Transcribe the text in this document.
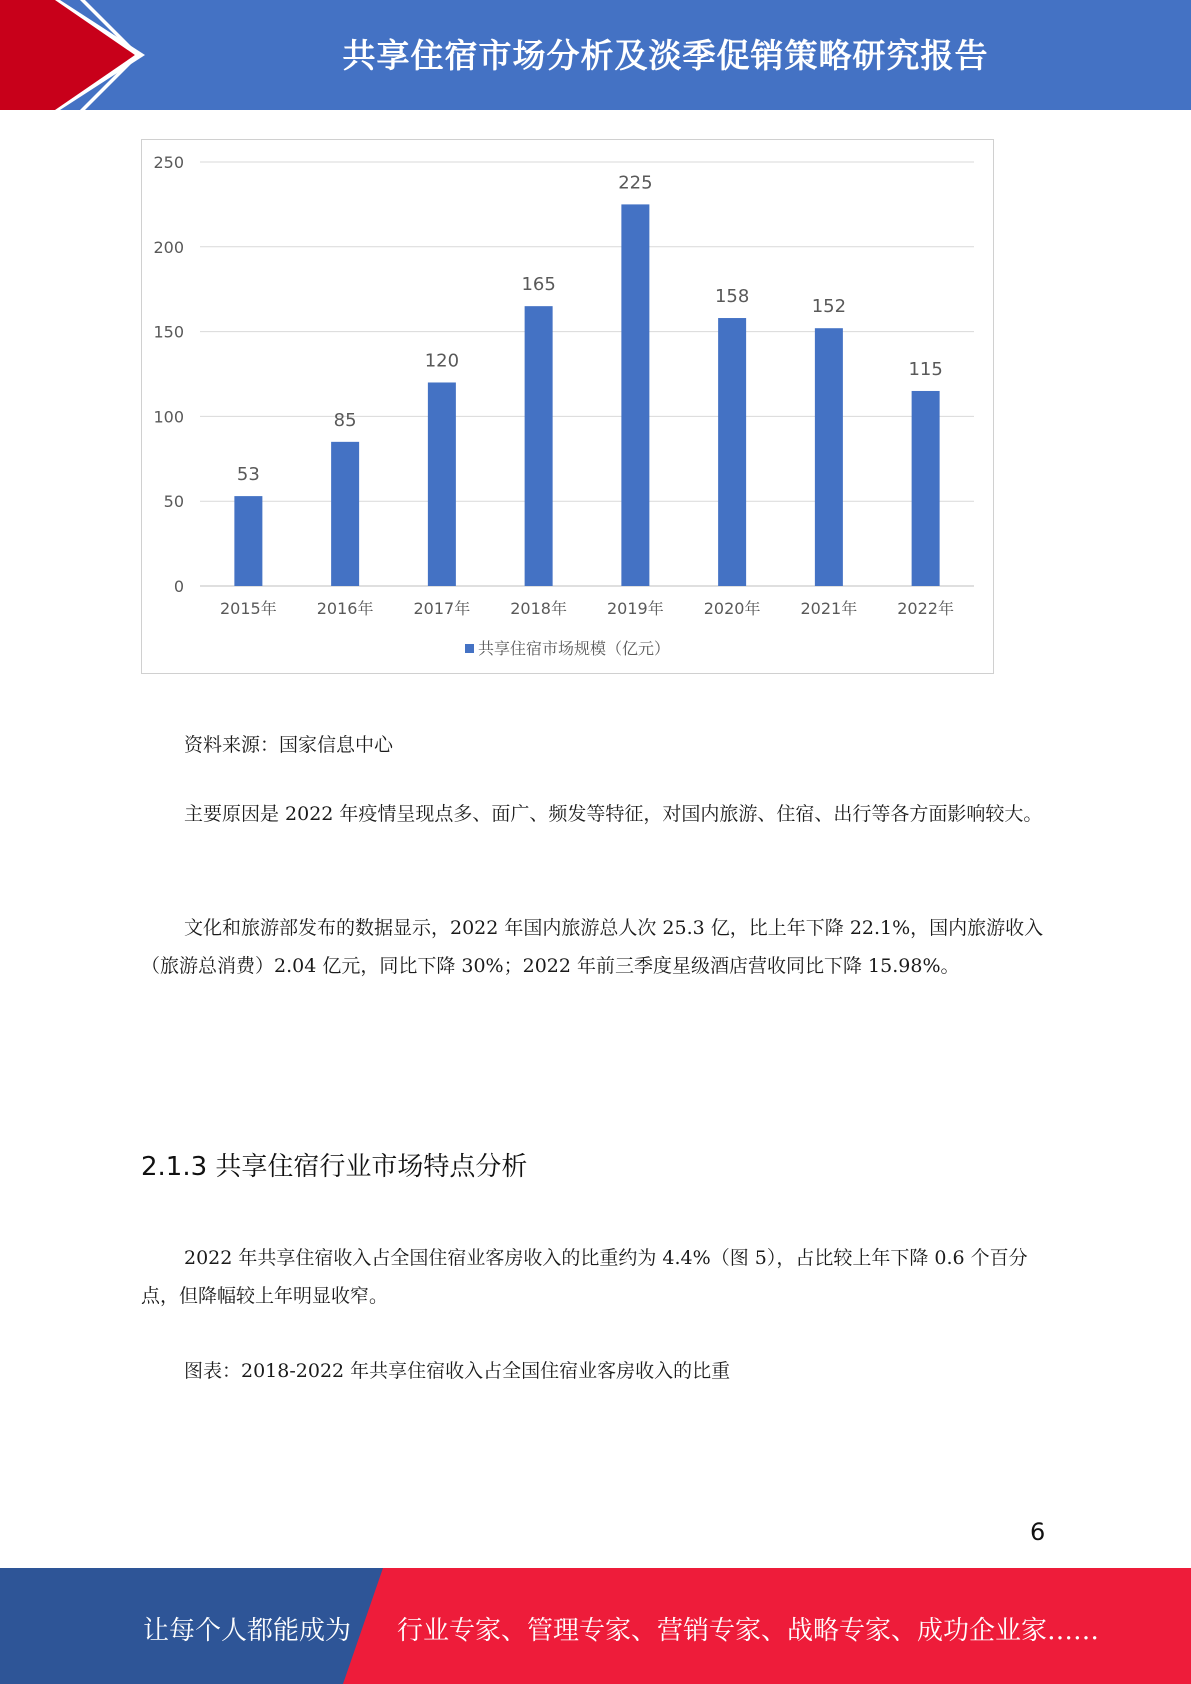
共享住宿市场分析及淡季促销策略研究报告
0
50
100
150
200
250
53
2015年
85
2016年
120
2017年
165
2018年
225
2019年
158
2020年
152
2021年
115
2022年
共享住宿市场规模（亿元）
资料来源：国家信息中心
主要原因是 2022 年疫情呈现点多、面广、频发等特征，对国内旅游、住宿、出行等各方面影响较大。
文化和旅游部发布的数据显示，2022 年国内旅游总人次 25.3 亿，比上年下降 22.1%，国内旅游收入（旅游总消费）2.04 亿元，同比下降 30%；2022 年前三季度星级酒店营收同比下降 15.98%。
2.1.3 共享住宿行业市场特点分析
2022 年共享住宿收入占全国住宿业客房收入的比重约为 4.4%（图 5），占比较上年下降 0.6 个百分点，但降幅较上年明显收窄。
图表：2018-2022 年共享住宿收入占全国住宿业客房收入的比重
6
让每个人都能成为 行业专家、管理专家、营销专家、战略专家、成功企业家……
